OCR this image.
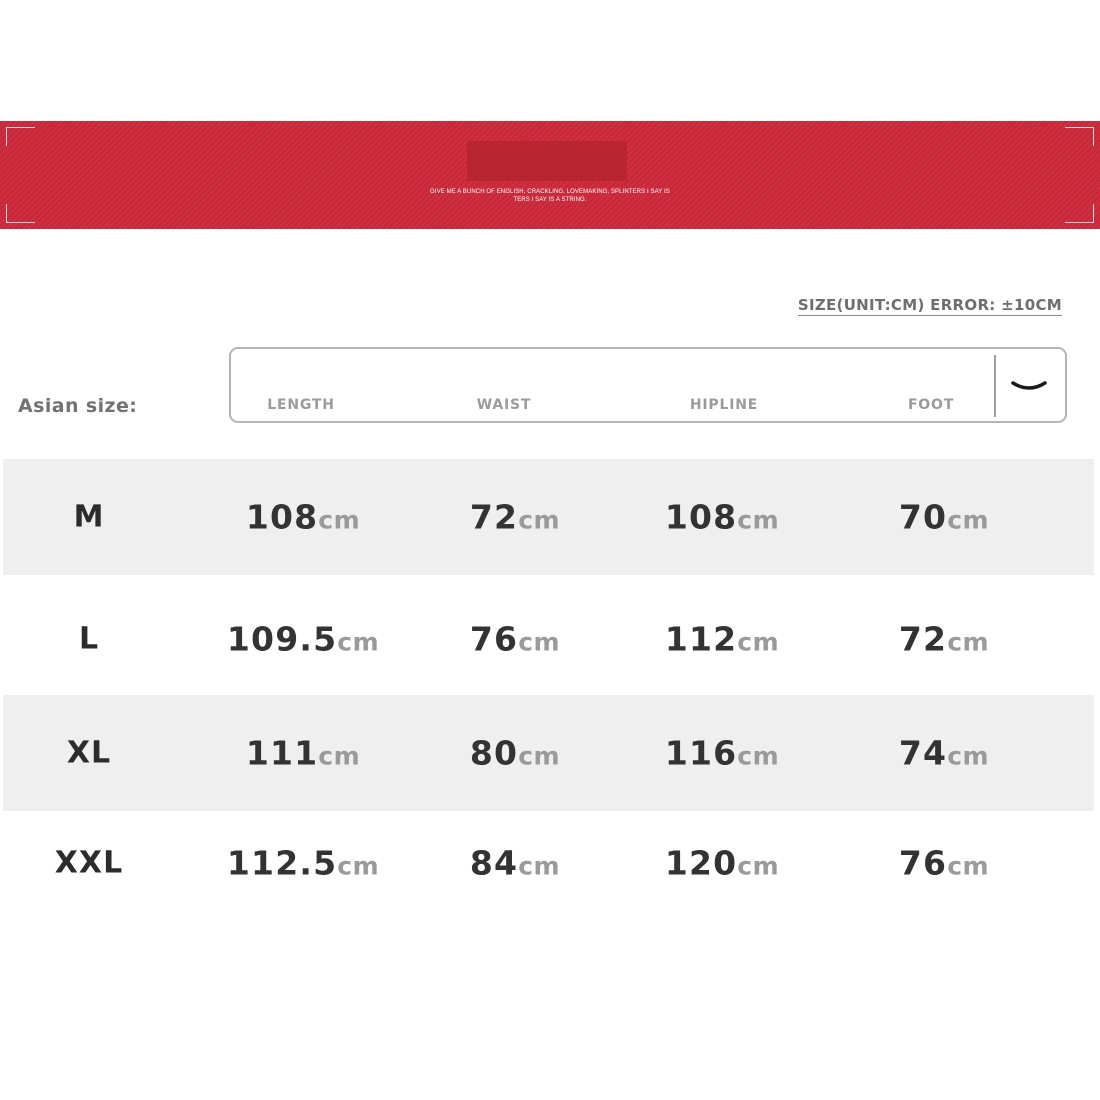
GIVE ME A BUNCH OF ENGLISH, CRACKLING, LOVEMAKING, SPLINTERS I SAY IS
TERS I SAY IS A STRING.
SIZE(UNIT:CM) ERROR: ±10CM
Asian size:	LENGTH	WAIST	HIPLINE	FOOT
M	108cm	72cm	108cm	70cm
L	109.5cm	76cm	112cm	72cm
XL	111cm	80cm	116cm	74cm
XXL	112.5cm	84cm	120cm	76cm
